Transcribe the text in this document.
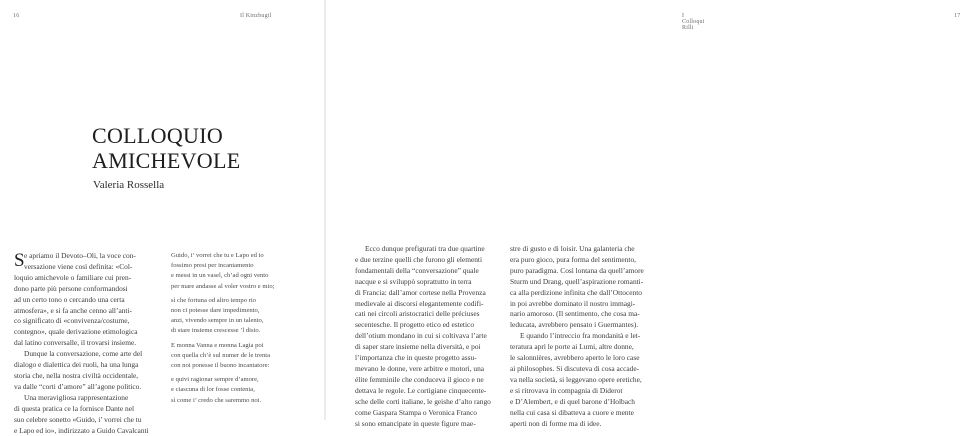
16	Il Kinzbugil
COLLOQUIO
AMICHEVOLE
Valeria Rossella
S e apriamo il Devoto–Oli, la voce con-
versazione viene così definita: «Col-
loquio amichevole o familiare cui pren-
dono parte più persone conformandosi
ad un certo tono o cercando una certa
atmosfera», e si fa anche cenno all’anti-
co significato di «convivenza/costume,
contegno», quale derivazione etimologica
dal latino conversalle, il trovarsi insieme.
Dunque la conversazione, come arte del
dialogo e dialettica dei ruoli, ha una lunga
storia che, nella nostra civiltà occidentale,
va dalle “corti d’amore” all’agone politico.
Una meravigliosa rappresentazione
di questa pratica ce la fornisce Dante nel
suo celebre sonetto «Guido, i’ vorrei che tu
e Lapo ed io», indirizzato a Guido Cavalcanti
Guido, i’ vorrei che tu e Lapo ed io
fossimo presi per incantamento
e messi in un vasel, ch’ad ogni vento
per mare andasse al voler vostro e mio;
sì che fortuna od altro tempo rio
non ci potesse dare impedimento,
anzi, vivendo sempre in un talento,
di stare insieme crescesse ’l disio.
E monna Vanna e monna Lagia poi
con quella ch’è sul numer de le trenta
con noi ponesse il buono incantatore:
e quivi ragionar sempre d’amore,
e ciascuna di lor fosse contenta,
sì come i’ credo che saremmo noi.
I Colloqui Rilli
17
Ecco dunque prefigurati tra due quartine
e due terzine quelli che furono gli elementi
fondamentali della “conversazione” quale
nacque e si sviluppò soprattutto in terra
di Francia: dall’amor cortese nella Provenza
medievale ai discorsi elegantemente codifi-
cati nei circoli aristocratici delle préciuses
secentesche. Il progetto etico ed estetico
dell’otium mondano in cui si coltivava l’arte
di saper stare insieme nella diversità, e poi
l’importanza che in queste progetto assu-
mevano le donne, vere arbitre e motori, una
élite femminile che conduceva il gioco e ne
dettava le regole. Le cortigiane cinquecente-
sche delle corti italiane, le geishe d’alto rango
come Gaspara Stampa o Veronica Franco
si sono emancipate in queste figure mae-
stre di gusto e di loisir. Una galanteria che
era puro gioco, pura forma del sentimento,
puro paradigma. Così lontana da quell’amore
Sturm und Drang, quell’aspirazione romanti-
ca alla perdizione infinita che dall’Ottocento
in poi avrebbe dominato il nostro immagi-
nario amoroso. (Il sentimento, che cosa ma-
leducata, avrebbero pensato i Guermantes).
E quando l’intreccio fra mondanità e let-
teratura aprì le porte ai Lumi, altre donne,
le salonnières, avrebbero aperto le loro case
ai philosophes. Si discuteva di cosa accade-
va nella società, si leggevano opere eretiche,
e si ritrovava in compagnia di Diderot
e D’Alembert, e di quel barone d’Holbach
nella cui casa si dibatteva a cuore e mente
aperti non di forme ma di idee.
